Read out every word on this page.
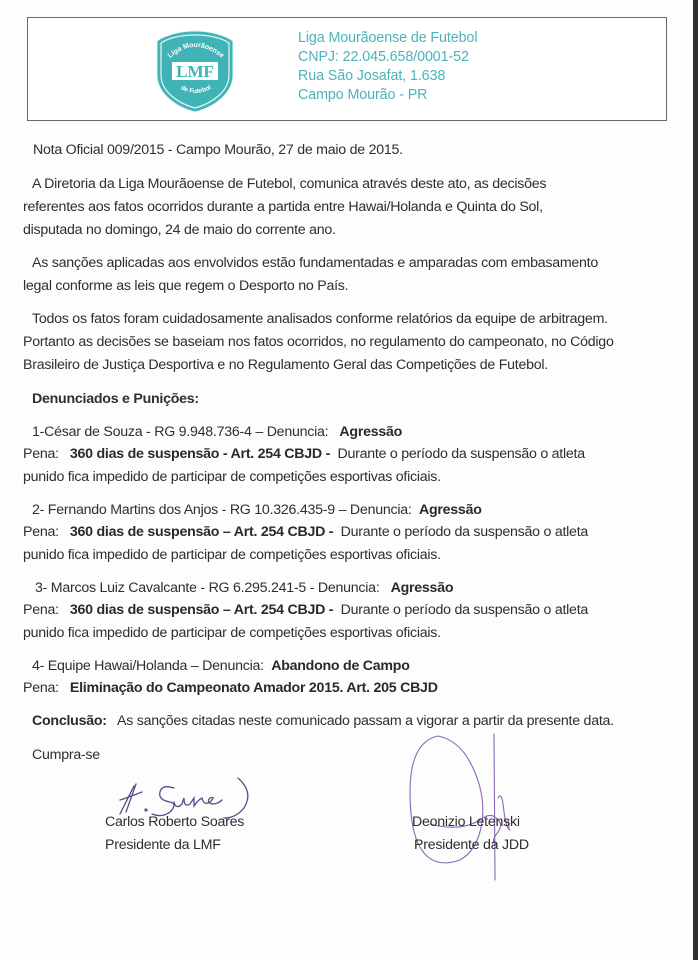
Liga Mourãoense
LMF
de Futebol
Liga Mourãoense de Futebol
CNPJ: 22.045.658/0001-52
Rua São Josafat, 1.638
Campo Mourão - PR
Nota Oficial 009/2015 - Campo Mourão, 27 de maio de 2015.
A Diretoria da Liga Mourãoense de Futebol, comunica através deste ato, as decisões
referentes aos fatos ocorridos durante a partida entre Hawai/Holanda e Quinta do Sol,
disputada no domingo, 24 de maio do corrente ano.
As sanções aplicadas aos envolvidos estão fundamentadas e amparadas com embasamento
legal conforme as leis que regem o Desporto no País.
Todos os fatos foram cuidadosamente analisados conforme relatórios da equipe de arbitragem.
Portanto as decisões se baseiam nos fatos ocorridos, no regulamento do campeonato, no Código
Brasileiro de Justiça Desportiva e no Regulamento Geral das Competições de Futebol.
Denunciados e Punições:
1-César de Souza - RG 9.948.736-4 – Denuncia: Agressão
Pena: 360 dias de suspensão - Art. 254 CBJD - Durante o período da suspensão o atleta
punido fica impedido de participar de competições esportivas oficiais.
2- Fernando Martins dos Anjos - RG 10.326.435-9 – Denuncia: Agressão
Pena: 360 dias de suspensão – Art. 254 CBJD - Durante o período da suspensão o atleta
punido fica impedido de participar de competições esportivas oficiais.
3- Marcos Luiz Cavalcante - RG 6.295.241-5 - Denuncia: Agressão
Pena: 360 dias de suspensão – Art. 254 CBJD - Durante o período da suspensão o atleta
punido fica impedido de participar de competições esportivas oficiais.
4- Equipe Hawai/Holanda – Denuncia: Abandono de Campo
Pena: Eliminação do Campeonato Amador 2015. Art. 205 CBJD
Conclusão: As sanções citadas neste comunicado passam a vigorar a partir da presente data.
Cumpra-se
Carlos Roberto Soares
Presidente da LMF
Deonizio Letenski
Presidente da JDD
